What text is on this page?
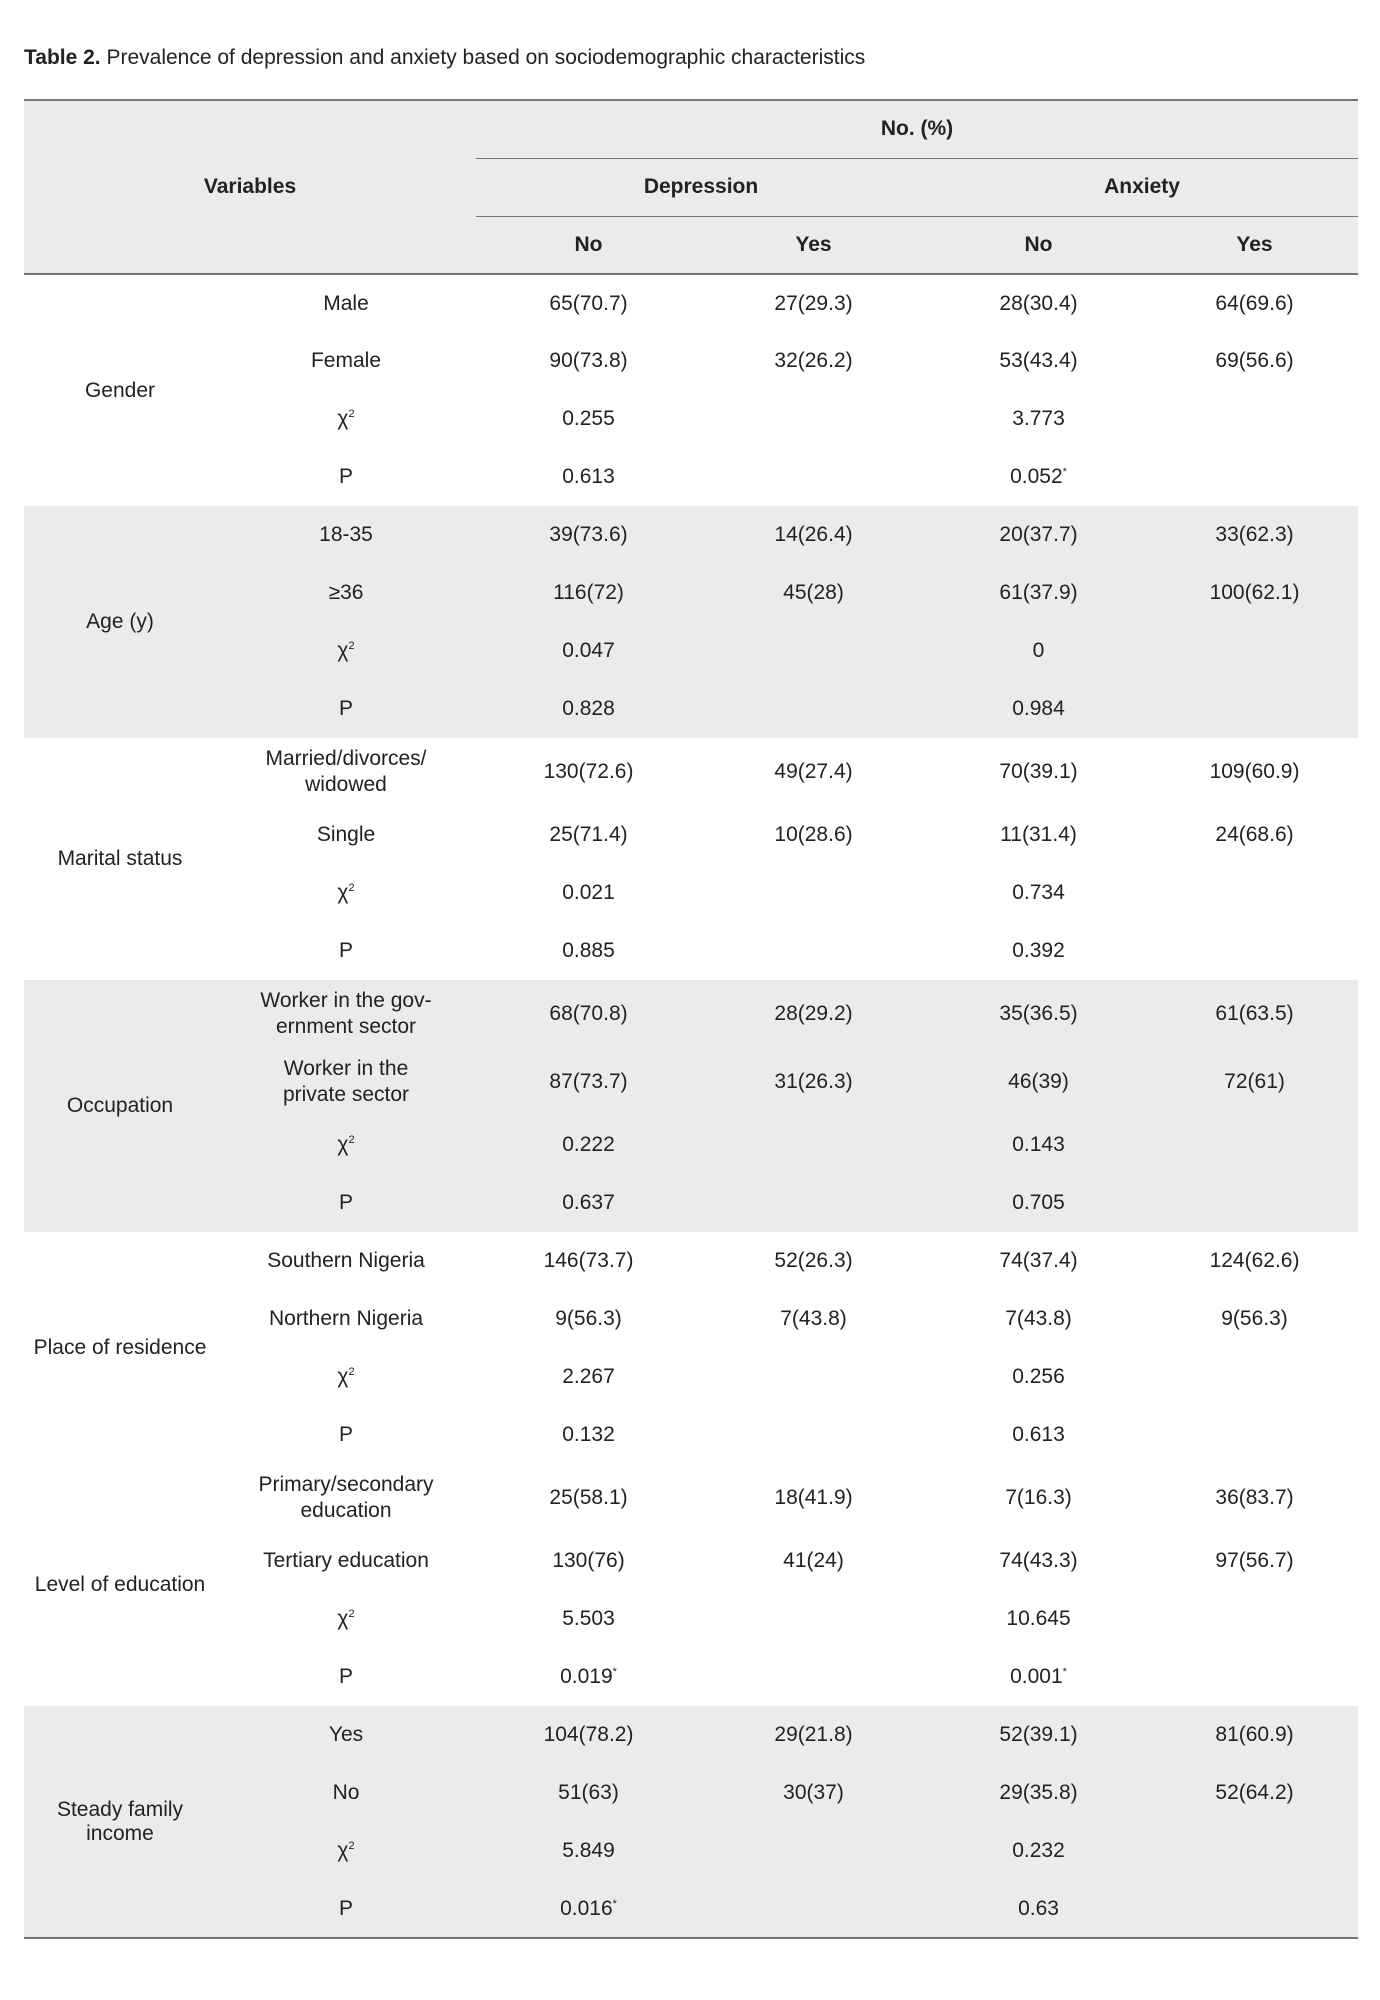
Table 2. Prevalence of depression and anxiety based on sociodemographic characteristics
Variables		No. (%)			
		Depression		Anxiety	
		No	Yes	No	Yes
Gender	Male	65(70.7)	27(29.3)	28(30.4)	64(69.6)
	Female	90(73.8)	32(26.2)	53(43.4)	69(56.6)
	$\chi^2$	0.255		3.773	
	P	0.613		0.052*	
Age (y)	18-35	39(73.6)	14(26.4)	20(37.7)	33(62.3)
	≥36	116(72)	45(28)	61(37.9)	100(62.1)
	$\chi^2$	0.047		0	
	P	0.828		0.984	
Marital status	Married/divorces/
widowed	130(72.6)	49(27.4)	70(39.1)	109(60.9)
	Single	25(71.4)	10(28.6)	11(31.4)	24(68.6)
	$\chi^2$	0.021		0.734	
	P	0.885		0.392	
Occupation	Worker in the gov-
ernment sector	68(70.8)	28(29.2)	35(36.5)	61(63.5)

	Worker in the
private sector	87(73.7)	31(26.3)	46(39)	72(61)
	$\chi^2$	0.222		0.143	
	P	0.637		0.705	
Place of residence	Southern Nigeria	146(73.7)	52(26.3)	74(37.4)	124(62.6)
	Northern Nigeria	9(56.3)	7(43.8)	7(43.8)	9(56.3)
	$\chi^2$	2.267		0.256	
	P	0.132		0.613	
Level of education	Primary/secondary
education	25(58.1)	18(41.9)	7(16.3)	36(83.7)
	Tertiary education	130(76)	41(24)	74(43.3)	97(56.7)
	$\chi^2$	5.503		10.645	
	P	0.019*		0.001*	
Steady family income	Yes	104(78.2)	29(21.8)	52(39.1)	81(60.9)
	No	51(63)	30(37)	29(35.8)	52(64.2)
	$\chi^2$	5.849		0.232	
	P	0.016*		0.63	
